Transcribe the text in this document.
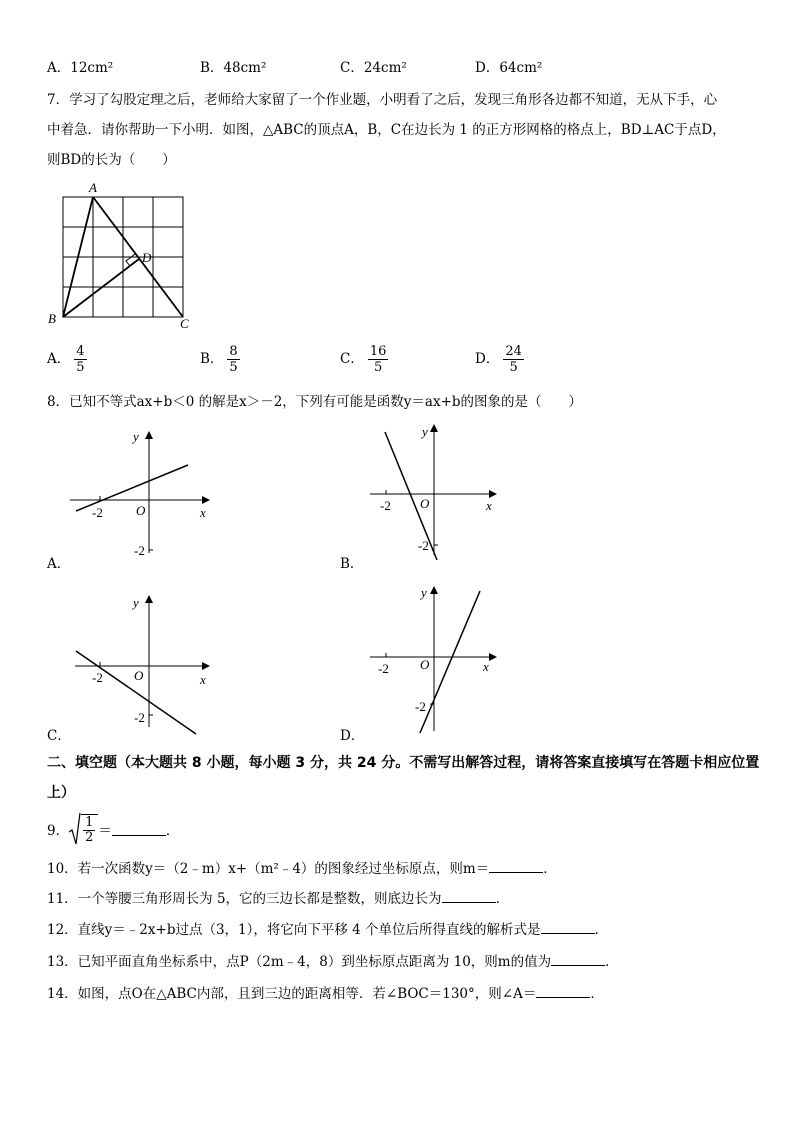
A．12cm²	B．48cm²	C．24cm²	D．64cm²
7．学习了勾股定理之后，老师给大家留了一个作业题，小明看了之后，发现三角形各边都不知道，无从下手，心
中着急．请你帮助一下小明．如图，△ABC的顶点A，B，C在边长为 1 的正方形网格的格点上，BD⊥AC于点D，
则BD的长为（　　）
A
B	C
D
A． $\frac{4}{5}$	B． $\frac{8}{5}$	C． $\frac{16}{5}$	D． $\frac{24}{5}$
8．已知不等式ax+b＜0 的解是x＞－2，下列有可能是函数y＝ax+b的图象的是（　　）
-2	O	x
y
-2
A．
-2 O	x
y
-2
B．
-2 O	x
y
-2
C．
-2 O	x
y
-2
D．
二、填空题（本大题共 8 小题，每小题 3 分，共 24 分。不需写出解答过程，请将答案直接填写在答题卡相应位置
上）
9．
1
2 ＝	．
10．若一次函数y＝（2﹣m）x+（m²﹣4）的图象经过坐标原点，则m＝	．
11．一个等腰三角形周长为 5，它的三边长都是整数，则底边长为	．
12．直线y＝﹣2x+b过点（3，1），将它向下平移 4 个单位后所得直线的解析式是	．
13．已知平面直角坐标系中，点P（2m﹣4，8）到坐标原点距离为 10，则m的值为	．
14．如图，点O在△ABC内部，且到三边的距离相等．若∠BOC＝130°，则∠A＝	．
